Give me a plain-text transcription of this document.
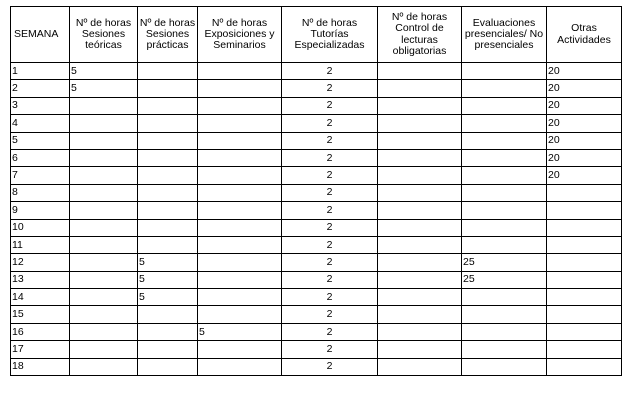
SEMANA	Nº de horas Sesiones teóricas	Nº de horas Sesiones prácticas	Nº de horas Exposiciones y Seminarios	Nº de horas Tutorías Especializadas	Nº de horas Control de lecturas obligatorias	Evaluaciones presenciales/ No presenciales	Otras Actividades
1	5			2			20
2	5			2			20
3				2			20
4				2			20
5				2			20
6				2			20
7				2			20
8				2			
9				2			
10				2			
11				2			
12		5		2		25	
13		5		2		25	
14		5		2			
15				2			
16			5	2			
17				2			
18				2			
